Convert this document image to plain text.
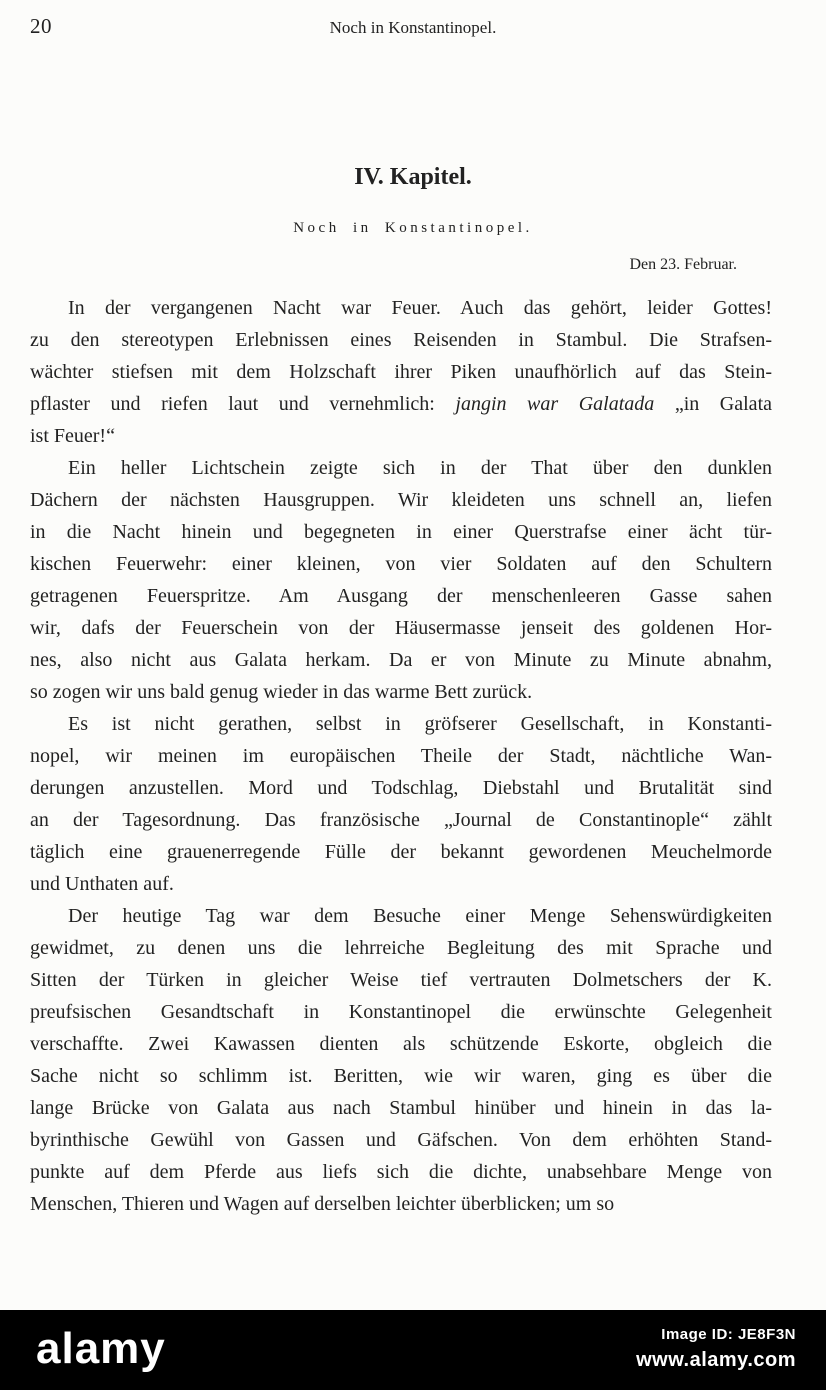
20	Noch in Konstantinopel.
IV. Kapitel.
Noch in Konstantinopel.
Den 23. Februar.
In der vergangenen Nacht war Feuer. Auch das gehört, leider Gottes!
zu den stereotypen Erlebnissen eines Reisenden in Stambul. Die Strafsen-
wächter stiefsen mit dem Holzschaft ihrer Piken unaufhörlich auf das Stein-
pflaster und riefen laut und vernehmlich: jangin war Galatada „in Galata
ist Feuer!“
Ein heller Lichtschein zeigte sich in der That über den dunklen
Dächern der nächsten Hausgruppen. Wir kleideten uns schnell an, liefen
in die Nacht hinein und begegneten in einer Querstrafse einer ächt tür-
kischen Feuerwehr: einer kleinen, von vier Soldaten auf den Schultern
getragenen Feuerspritze. Am Ausgang der menschenleeren Gasse sahen
wir, dafs der Feuerschein von der Häusermasse jenseit des goldenen Hor-
nes, also nicht aus Galata herkam. Da er von Minute zu Minute abnahm,
so zogen wir uns bald genug wieder in das warme Bett zurück.
Es ist nicht gerathen, selbst in gröfserer Gesellschaft, in Konstanti-
nopel, wir meinen im europäischen Theile der Stadt, nächtliche Wan-
derungen anzustellen. Mord und Todschlag, Diebstahl und Brutalität sind
an der Tagesordnung. Das französische „Journal de Constantinople“ zählt
täglich eine grauenerregende Fülle der bekannt gewordenen Meuchelmorde
und Unthaten auf.
Der heutige Tag war dem Besuche einer Menge Sehenswürdigkeiten
gewidmet, zu denen uns die lehrreiche Begleitung des mit Sprache und
Sitten der Türken in gleicher Weise tief vertrauten Dolmetschers der K.
preufsischen Gesandtschaft in Konstantinopel die erwünschte Gelegenheit
verschaffte. Zwei Kawassen dienten als schützende Eskorte, obgleich die
Sache nicht so schlimm ist. Beritten, wie wir waren, ging es über die
lange Brücke von Galata aus nach Stambul hinüber und hinein in das la-
byrinthische Gewühl von Gassen und Gäfschen. Von dem erhöhten Stand-
punkte auf dem Pferde aus liefs sich die dichte, unabsehbare Menge von
Menschen, Thieren und Wagen auf derselben leichter überblicken; um so
alamy	Image ID: JE8F3N
www.alamy.com
